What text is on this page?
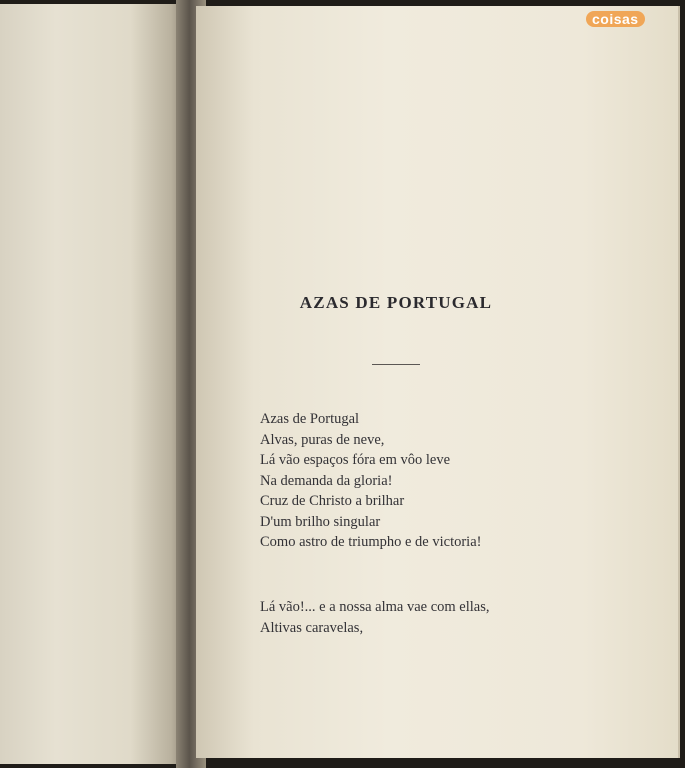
coisas
AZAS DE PORTUGAL
Azas de Portugal
Alvas, puras de neve,
Lá vão espaços fóra em vôo leve
Na demanda da gloria!
Cruz de Christo a brilhar
D'um brilho singular
Como astro de triumpho e de victoria!
Lá vão!... e a nossa alma vae com ellas,
Altivas caravelas,
